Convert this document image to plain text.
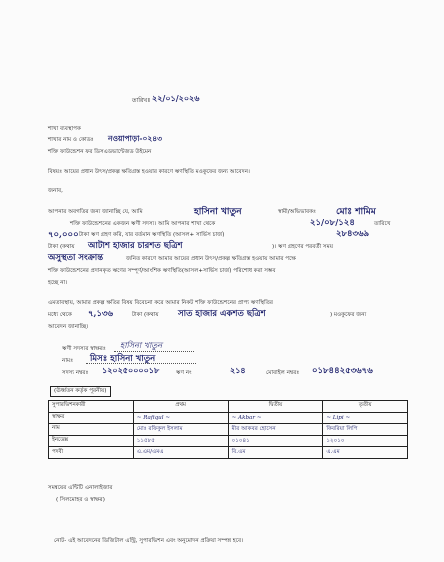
তারিখঃ ২২/০১/২০২৬
শাখা ব্যবস্থাপক
শাখার নাম ও কোডঃ নওয়াপাড়া-০২৪৩
শক্তি ফাউন্ডেশন ফর ডিসএডভান্টেজড উইমেন
বিষয়ঃ আয়ের প্রধান উৎস/প্রকল্প ক্ষতিগ্রস্ত হওয়ার কারণে ঋণস্থিতি মওকুফের জন্য আবেদন।
জনাব,
আপনার অবগতির জন্য জানাচ্ছি যে, আমি	হাসিনা খাতুন	স্বামী/অভিভাবকঃ মোঃ শামিম
শক্তি ফাউন্ডেশনের একজন ঋণী সদস্য। আমি আপনার শাখা থেকে	২১/০৮/১২৪	তারিখে
৭০,০০০ টাকা ঋণ গ্রহণ করি, যার বর্তমান ঋণস্থিতি (আসল+ সার্ভিস চার্জ)	২৮৪৩৬৯
টাকা (কথায় আটাশ হাজার চারশত ছত্রিশ	)। ঋণ গ্রহণের পরবর্তী সময়
অসুস্থতা সংক্রান্ত	জনিত কারণে আমার আয়ের প্রধান উৎস/প্রকল্প ক্ষতিগ্রস্ত হওয়ায় আমার পক্ষে
শক্তি ফাউন্ডেশনের প্রদানকৃত ঋণের সম্পূর্ণ/আংশিক ঋণস্থিতি(আসল+সার্ভিস চার্জ) পরিশোধ করা সম্ভব
হচ্ছে না।
এমতাবস্থায়, আমার প্রকল্প ক্ষতির বিষয় বিবেচনা করে আমার নিকট শক্তি ফাউন্ডেশনের প্রাপ্য ঋণস্থিতির
মধ্যে থেকে ৭,১৩৬	টাকা (কথায় সাত হাজার একশত ছত্রিশ	) মওকুফের জন্য
আবেদন জানাচ্ছি।
ঋণী সদস্যর স্বাক্ষরঃ হাসিনা খাতুন
নামঃ মিসঃ হাসিনা খাতুন
সদস্য নম্বরঃ ১২০২৫০০০০১৮	ঋণ নং	২১৪	মোবাইল নম্বরঃ ০১৮৪৪২৫৩৬৭৬
(ঊর্ধ্বতন কর্তৃক পূরনীয়)
সুপারভিশনকারী	প্রথম	দ্বিতীয়	তৃতীয়
স্বাক্ষর	~ Rafiqul ~	~ Akbar ~	~ Lipi ~
নাম	মোঃ রফিকুল ইসলাম	মীর আকবর হোসেন	কিবরিয়া লিপি
ইনডেক্স	১১৫৮৫	০১০৪১	১২০১০
পদবী	এ.এম/এমএ	বি.এম	এ.এম
সমন্বয়ের এন্টিটি এনালাইজার
( সিলমোহর ও স্বাক্ষর)
নোট- এই আবেদনের ডিজিটাল এন্ট্রি, সুপারভিশন এবং অনুমোদন প্রক্রিয়া সম্পন্ন হবে।
